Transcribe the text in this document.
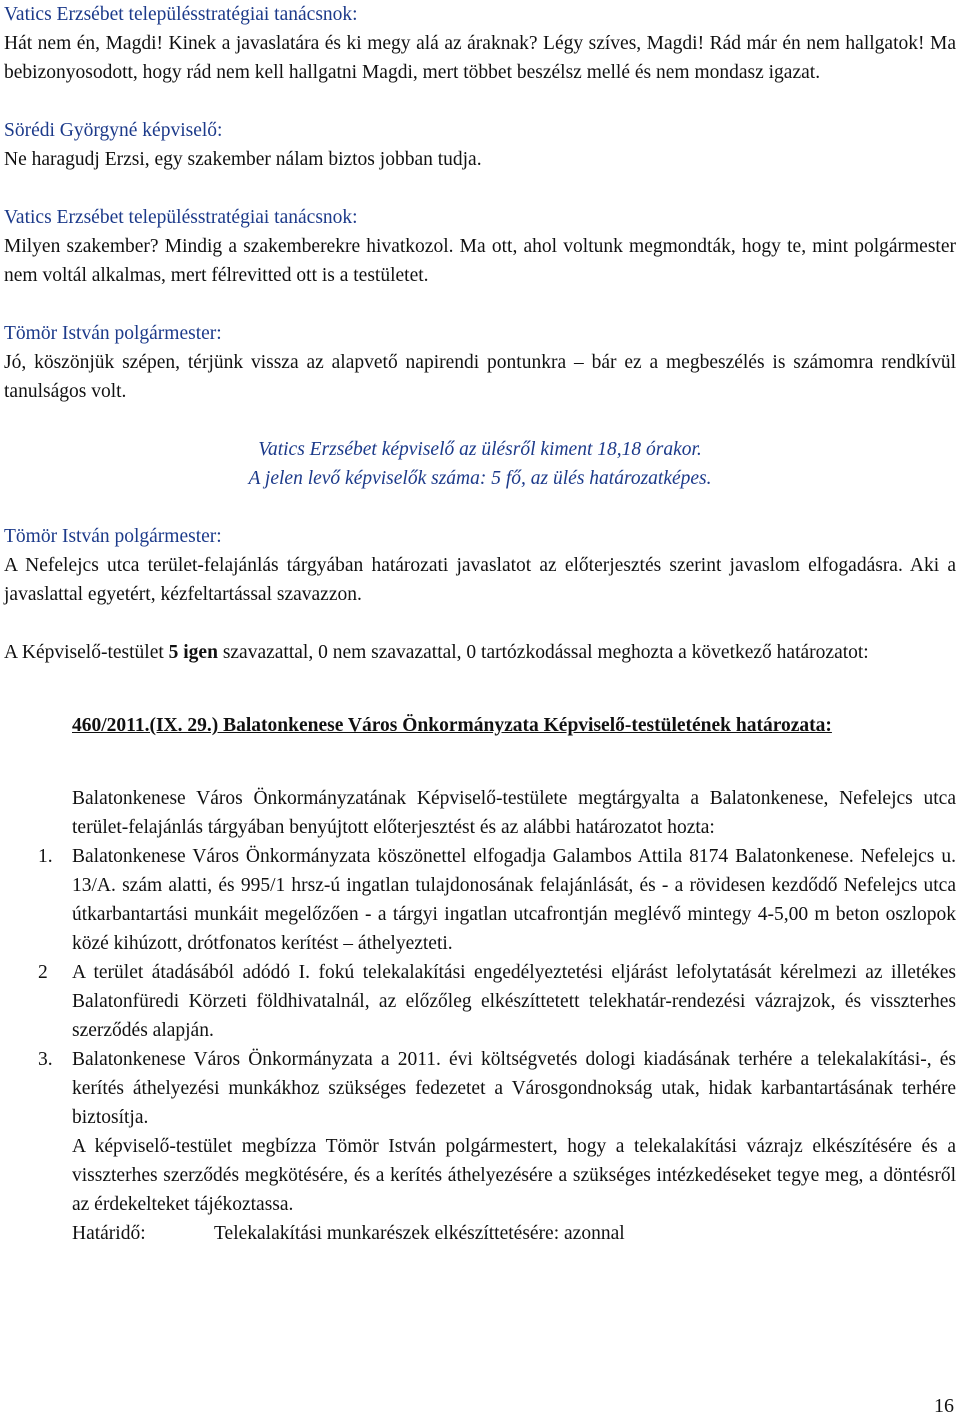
Vatics Erzsébet településstratégiai tanácsnok:

Hát nem én, Magdi! Kinek a javaslatára és ki megy alá az áraknak? Légy szíves, Magdi! Rád már én nem hallgatok! Ma bebizonyosodott, hogy rád nem kell hallgatni Magdi, mert többet beszélsz mellé és nem mondasz igazat.

Sörédi Györgyné képviselő:

Ne haragudj Erzsi, egy szakember nálam biztos jobban tudja.

Vatics Erzsébet településstratégiai tanácsnok:

Milyen szakember? Mindig a szakemberekre hivatkozol. Ma ott, ahol voltunk megmondták, hogy te, mint polgármester nem voltál alkalmas, mert félrevitted ott is a testületet.

Tömör István polgármester:

Jó, köszönjük szépen, térjünk vissza az alapvető napirendi pontunkra – bár ez a megbeszélés is számomra rendkívül tanulságos volt.

Vatics Erzsébet képviselő az ülésről kiment 18,18 órakor.

A jelen levő képviselők száma: 5 fő, az ülés határozatképes.

Tömör István polgármester:

A Nefelejcs utca terület-felajánlás tárgyában határozati javaslatot az előterjesztés szerint javaslom elfogadásra. Aki a javaslattal egyetért, kézfeltartással szavazzon.

A Képviselő-testület 5 igen szavazattal, 0 nem szavazattal, 0 tartózkodással meghozta a következő határozatot:

460/2011.(IX. 29.) Balatonkenese Város Önkormányzata Képviselő-testületének határozata:

Balatonkenese Város Önkormányzatának Képviselő-testülete megtárgyalta a Balatonkenese, Nefelejcs utca terület-felajánlás tárgyában benyújtott előterjesztést és az alábbi határozatot hozta:

1. Balatonkenese Város Önkormányzata köszönettel elfogadja Galambos Attila 8174 Balatonkenese. Nefelejcs u. 13/A. szám alatti, és 995/1 hrsz-ú ingatlan tulajdonosának felajánlását, és - a rövidesen kezdődő Nefelejcs utca útkarbantartási munkáit megelőzően - a tárgyi ingatlan utcafrontján meglévő mintegy 4-5,00 m beton oszlopok közé kihúzott, drótfonatos kerítést – áthelyezteti.
2 A terület átadásából adódó I. fokú telekalakítási engedélyeztetési eljárást lefolytatását kérelmezi az illetékes Balatonfüredi Körzeti földhivatalnál, az előzőleg elkészíttetett telekhatár-rendezési vázrajzok, és visszterhes szerződés alapján.
3. Balatonkenese Város Önkormányzata a 2011. évi költségvetés dologi kiadásának terhére a telekalakítási-, és kerítés áthelyezési munkákhoz szükséges fedezetet a Városgondnokság utak, hidak karbantartásának terhére biztosítja.

A képviselő-testület megbízza Tömör István polgármestert, hogy a telekalakítási vázrajz elkészítésére és a visszterhes szerződés megkötésére, és a kerítés áthelyezésére a szükséges intézkedéseket tegye meg, a döntésről az érdekelteket tájékoztassa.

Határidő:	Telekalakítási munkarészek elkészíttetésére: azonnal

16
